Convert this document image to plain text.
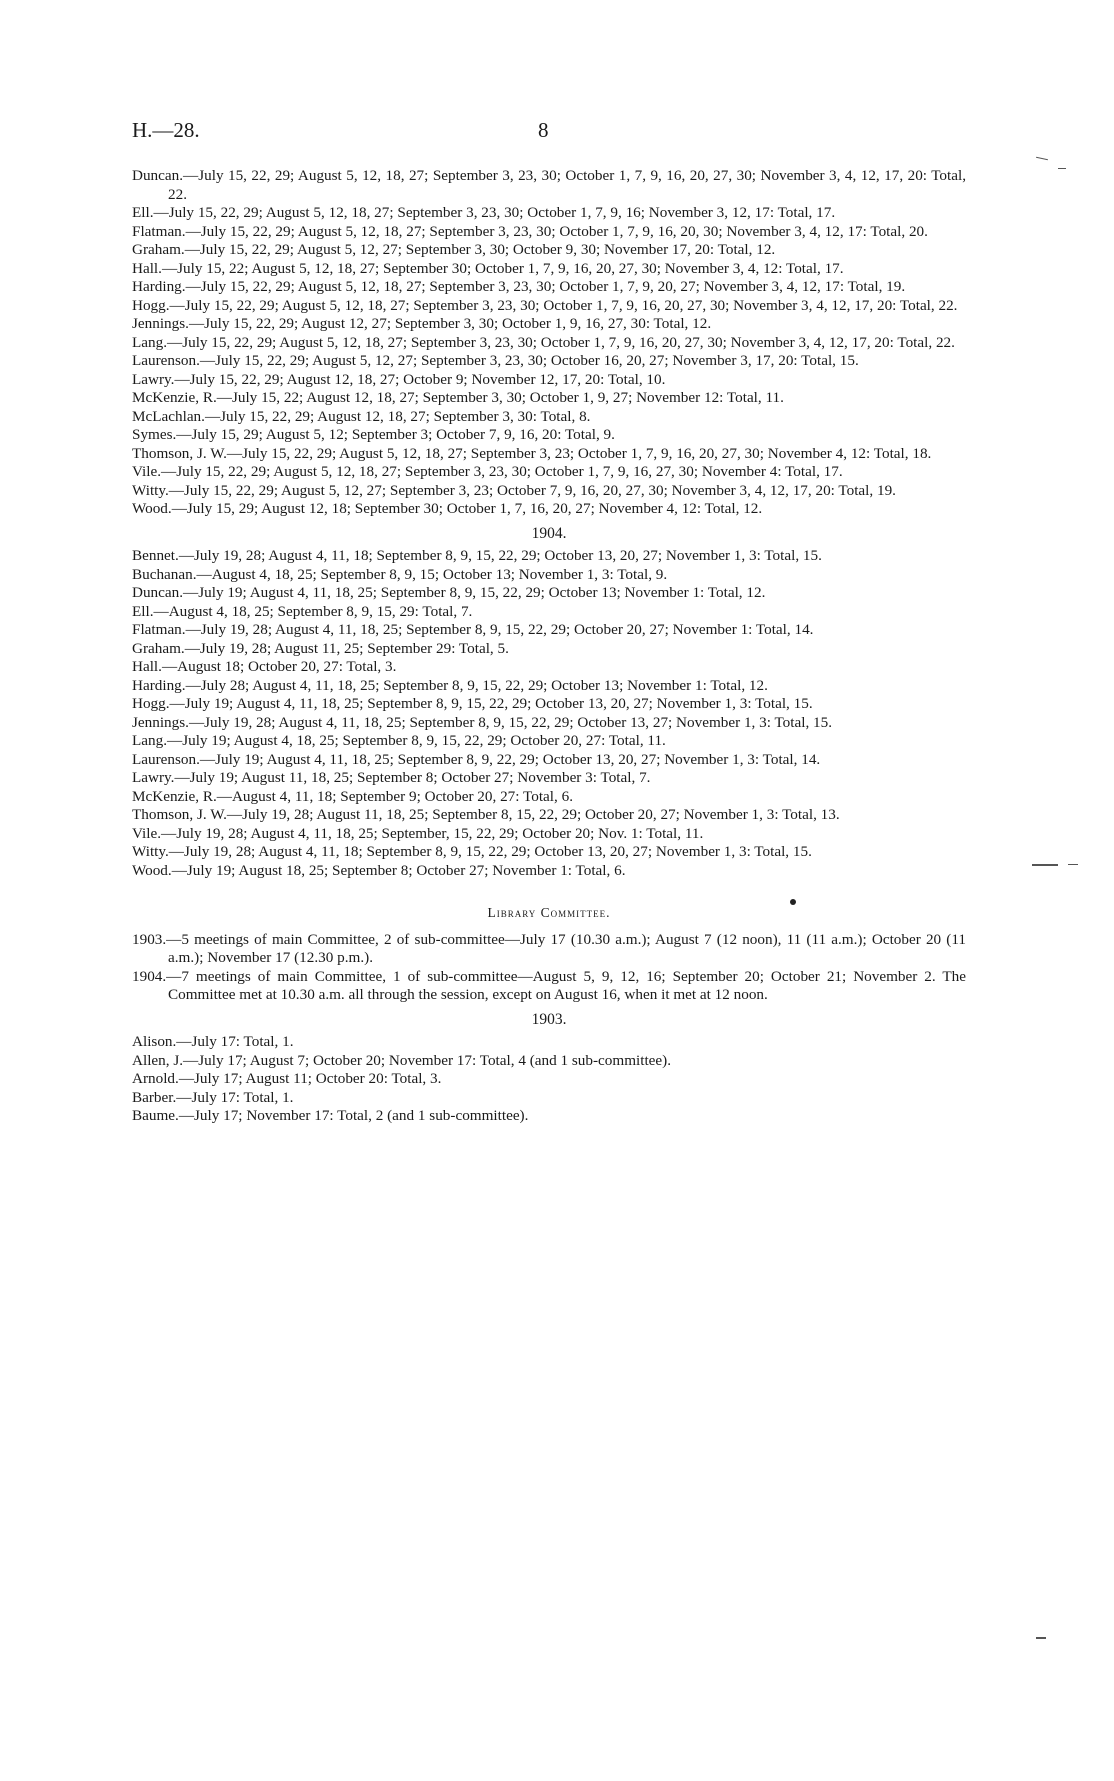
H.—28.	8

Duncan.—July 15, 22, 29; August 5, 12, 18, 27; September 3, 23, 30; October 1, 7, 9, 16, 20, 27, 30; November 3, 4, 12, 17, 20: Total, 22.

Ell.—July 15, 22, 29; August 5, 12, 18, 27; September 3, 23, 30; October 1, 7, 9, 16; November 3, 12, 17: Total, 17.

Flatman.—July 15, 22, 29; August 5, 12, 18, 27; September 3, 23, 30; October 1, 7, 9, 16, 20, 30; November 3, 4, 12, 17: Total, 20.

Graham.—July 15, 22, 29; August 5, 12, 27; September 3, 30; October 9, 30; November 17, 20: Total, 12.

Hall.—July 15, 22; August 5, 12, 18, 27; September 30; October 1, 7, 9, 16, 20, 27, 30; November 3, 4, 12: Total, 17.

Harding.—July 15, 22, 29; August 5, 12, 18, 27; September 3, 23, 30; October 1, 7, 9, 20, 27; November 3, 4, 12, 17: Total, 19.

Hogg.—July 15, 22, 29; August 5, 12, 18, 27; September 3, 23, 30; October 1, 7, 9, 16, 20, 27, 30; November 3, 4, 12, 17, 20: Total, 22.

Jennings.—July 15, 22, 29; August 12, 27; September 3, 30; October 1, 9, 16, 27, 30: Total, 12.

Lang.—July 15, 22, 29; August 5, 12, 18, 27; September 3, 23, 30; October 1, 7, 9, 16, 20, 27, 30; November 3, 4, 12, 17, 20: Total, 22.

Laurenson.—July 15, 22, 29; August 5, 12, 27; September 3, 23, 30; October 16, 20, 27; November 3, 17, 20: Total, 15.

Lawry.—July 15, 22, 29; August 12, 18, 27; October 9; November 12, 17, 20: Total, 10.

McKenzie, R.—July 15, 22; August 12, 18, 27; September 3, 30; October 1, 9, 27; November 12: Total, 11.

McLachlan.—July 15, 22, 29; August 12, 18, 27; September 3, 30: Total, 8.

Symes.—July 15, 29; August 5, 12; September 3; October 7, 9, 16, 20: Total, 9.

Thomson, J. W.—July 15, 22, 29; August 5, 12, 18, 27; September 3, 23; October 1, 7, 9, 16, 20, 27, 30; November 4, 12: Total, 18.

Vile.—July 15, 22, 29; August 5, 12, 18, 27; September 3, 23, 30; October 1, 7, 9, 16, 27, 30; November 4: Total, 17.

Witty.—July 15, 22, 29; August 5, 12, 27; September 3, 23; October 7, 9, 16, 20, 27, 30; November 3, 4, 12, 17, 20: Total, 19.

Wood.—July 15, 29; August 12, 18; September 30; October 1, 7, 16, 20, 27; November 4, 12: Total, 12.

1904.

Bennet.—July 19, 28; August 4, 11, 18; September 8, 9, 15, 22, 29; October 13, 20, 27; November 1, 3: Total, 15.

Buchanan.—August 4, 18, 25; September 8, 9, 15; October 13; November 1, 3: Total, 9.

Duncan.—July 19; August 4, 11, 18, 25; September 8, 9, 15, 22, 29; October 13; November 1: Total, 12.

Ell.—August 4, 18, 25; September 8, 9, 15, 29: Total, 7.

Flatman.—July 19, 28; August 4, 11, 18, 25; September 8, 9, 15, 22, 29; October 20, 27; November 1: Total, 14.

Graham.—July 19, 28; August 11, 25; September 29: Total, 5.

Hall.—August 18; October 20, 27: Total, 3.

Harding.—July 28; August 4, 11, 18, 25; September 8, 9, 15, 22, 29; October 13; November 1: Total, 12.

Hogg.—July 19; August 4, 11, 18, 25; September 8, 9, 15, 22, 29; October 13, 20, 27; November 1, 3: Total, 15.

Jennings.—July 19, 28; August 4, 11, 18, 25; September 8, 9, 15, 22, 29; October 13, 27; November 1, 3: Total, 15.

Lang.—July 19; August 4, 18, 25; September 8, 9, 15, 22, 29; October 20, 27: Total, 11.

Laurenson.—July 19; August 4, 11, 18, 25; September 8, 9, 22, 29; October 13, 20, 27; November 1, 3: Total, 14.

Lawry.—July 19; August 11, 18, 25; September 8; October 27; November 3: Total, 7.

McKenzie, R.—August 4, 11, 18; September 9; October 20, 27: Total, 6.

Thomson, J. W.—July 19, 28; August 11, 18, 25; September 8, 15, 22, 29; October 20, 27; November 1, 3: Total, 13.

Vile.—July 19, 28; August 4, 11, 18, 25; September, 15, 22, 29; October 20; Nov. 1: Total, 11.

Witty.—July 19, 28; August 4, 11, 18; September 8, 9, 15, 22, 29; October 13, 20, 27; November 1, 3: Total, 15.

Wood.—July 19; August 18, 25; September 8; October 27; November 1: Total, 6.

Library Committee.

1903.—5 meetings of main Committee, 2 of sub-committee—July 17 (10.30 a.m.); August 7 (12 noon), 11 (11 a.m.); October 20 (11 a.m.); November 17 (12.30 p.m.).

1904.—7 meetings of main Committee, 1 of sub-committee—August 5, 9, 12, 16; September 20; October 21; November 2. The Committee met at 10.30 a.m. all through the session, except on August 16, when it met at 12 noon.

1903.

Alison.—July 17: Total, 1.

Allen, J.—July 17; August 7; October 20; November 17: Total, 4 (and 1 sub-committee).

Arnold.—July 17; August 11; October 20: Total, 3.

Barber.—July 17: Total, 1.

Baume.—July 17; November 17: Total, 2 (and 1 sub-committee).
